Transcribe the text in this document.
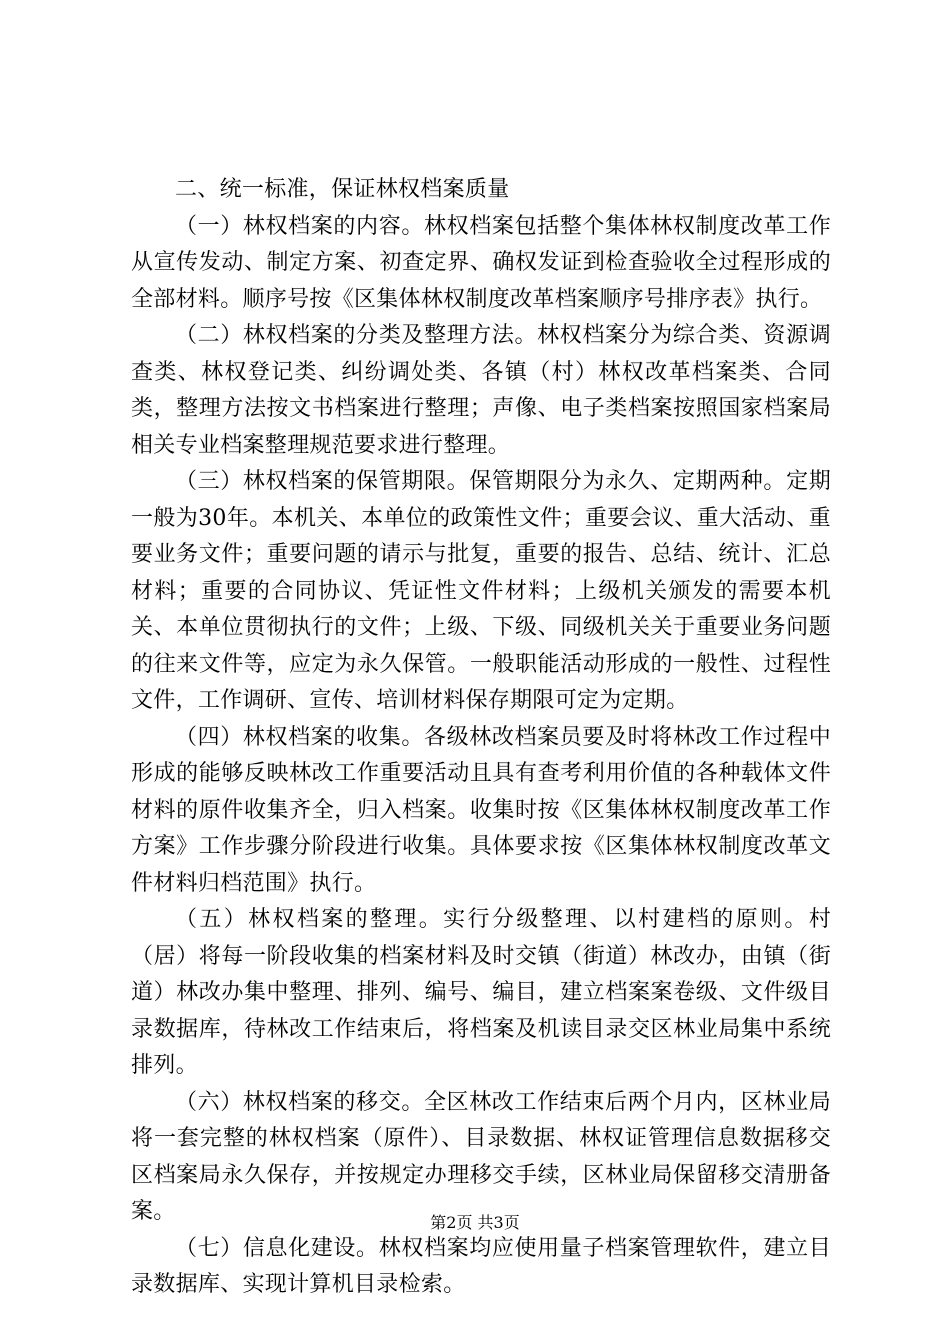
二、统一标准，保证林权档案质量

（一）林权档案的内容。林权档案包括整个集体林权制度改革工作从宣传发动、制定方案、初查定界、确权发证到检查验收全过程形成的全部材料。顺序号按《区集体林权制度改革档案顺序号排序表》执行。

（二）林权档案的分类及整理方法。林权档案分为综合类、资源调查类、林权登记类、纠纷调处类、各镇（村）林权改革档案类、合同类，整理方法按文书档案进行整理；声像、电子类档案按照国家档案局相关专业档案整理规范要求进行整理。

（三）林权档案的保管期限。保管期限分为永久、定期两种。定期一般为30年。本机关、本单位的政策性文件；重要会议、重大活动、重要业务文件；重要问题的请示与批复，重要的报告、总结、统计、汇总材料；重要的合同协议、凭证性文件材料；上级机关颁发的需要本机关、本单位贯彻执行的文件；上级、下级、同级机关关于重要业务问题的往来文件等，应定为永久保管。一般职能活动形成的一般性、过程性文件，工作调研、宣传、培训材料保存期限可定为定期。

（四）林权档案的收集。各级林改档案员要及时将林改工作过程中形成的能够反映林改工作重要活动且具有查考利用价值的各种载体文件材料的原件收集齐全，归入档案。收集时按《区集体林权制度改革工作方案》工作步骤分阶段进行收集。具体要求按《区集体林权制度改革文件材料归档范围》执行。

（五）林权档案的整理。实行分级整理、以村建档的原则。村（居）将每一阶段收集的档案材料及时交镇（街道）林改办，由镇（街道）林改办集中整理、排列、编号、编目，建立档案案卷级、文件级目录数据库，待林改工作结束后，将档案及机读目录交区林业局集中系统排列。

（六）林权档案的移交。全区林改工作结束后两个月内，区林业局将一套完整的林权档案（原件）、目录数据、林权证管理信息数据移交区档案局永久保存，并按规定办理移交手续，区林业局保留移交清册备案。

（七）信息化建设。林权档案均应使用量子档案管理软件，建立目录数据库、实现计算机目录检索。

第2页 共3页
